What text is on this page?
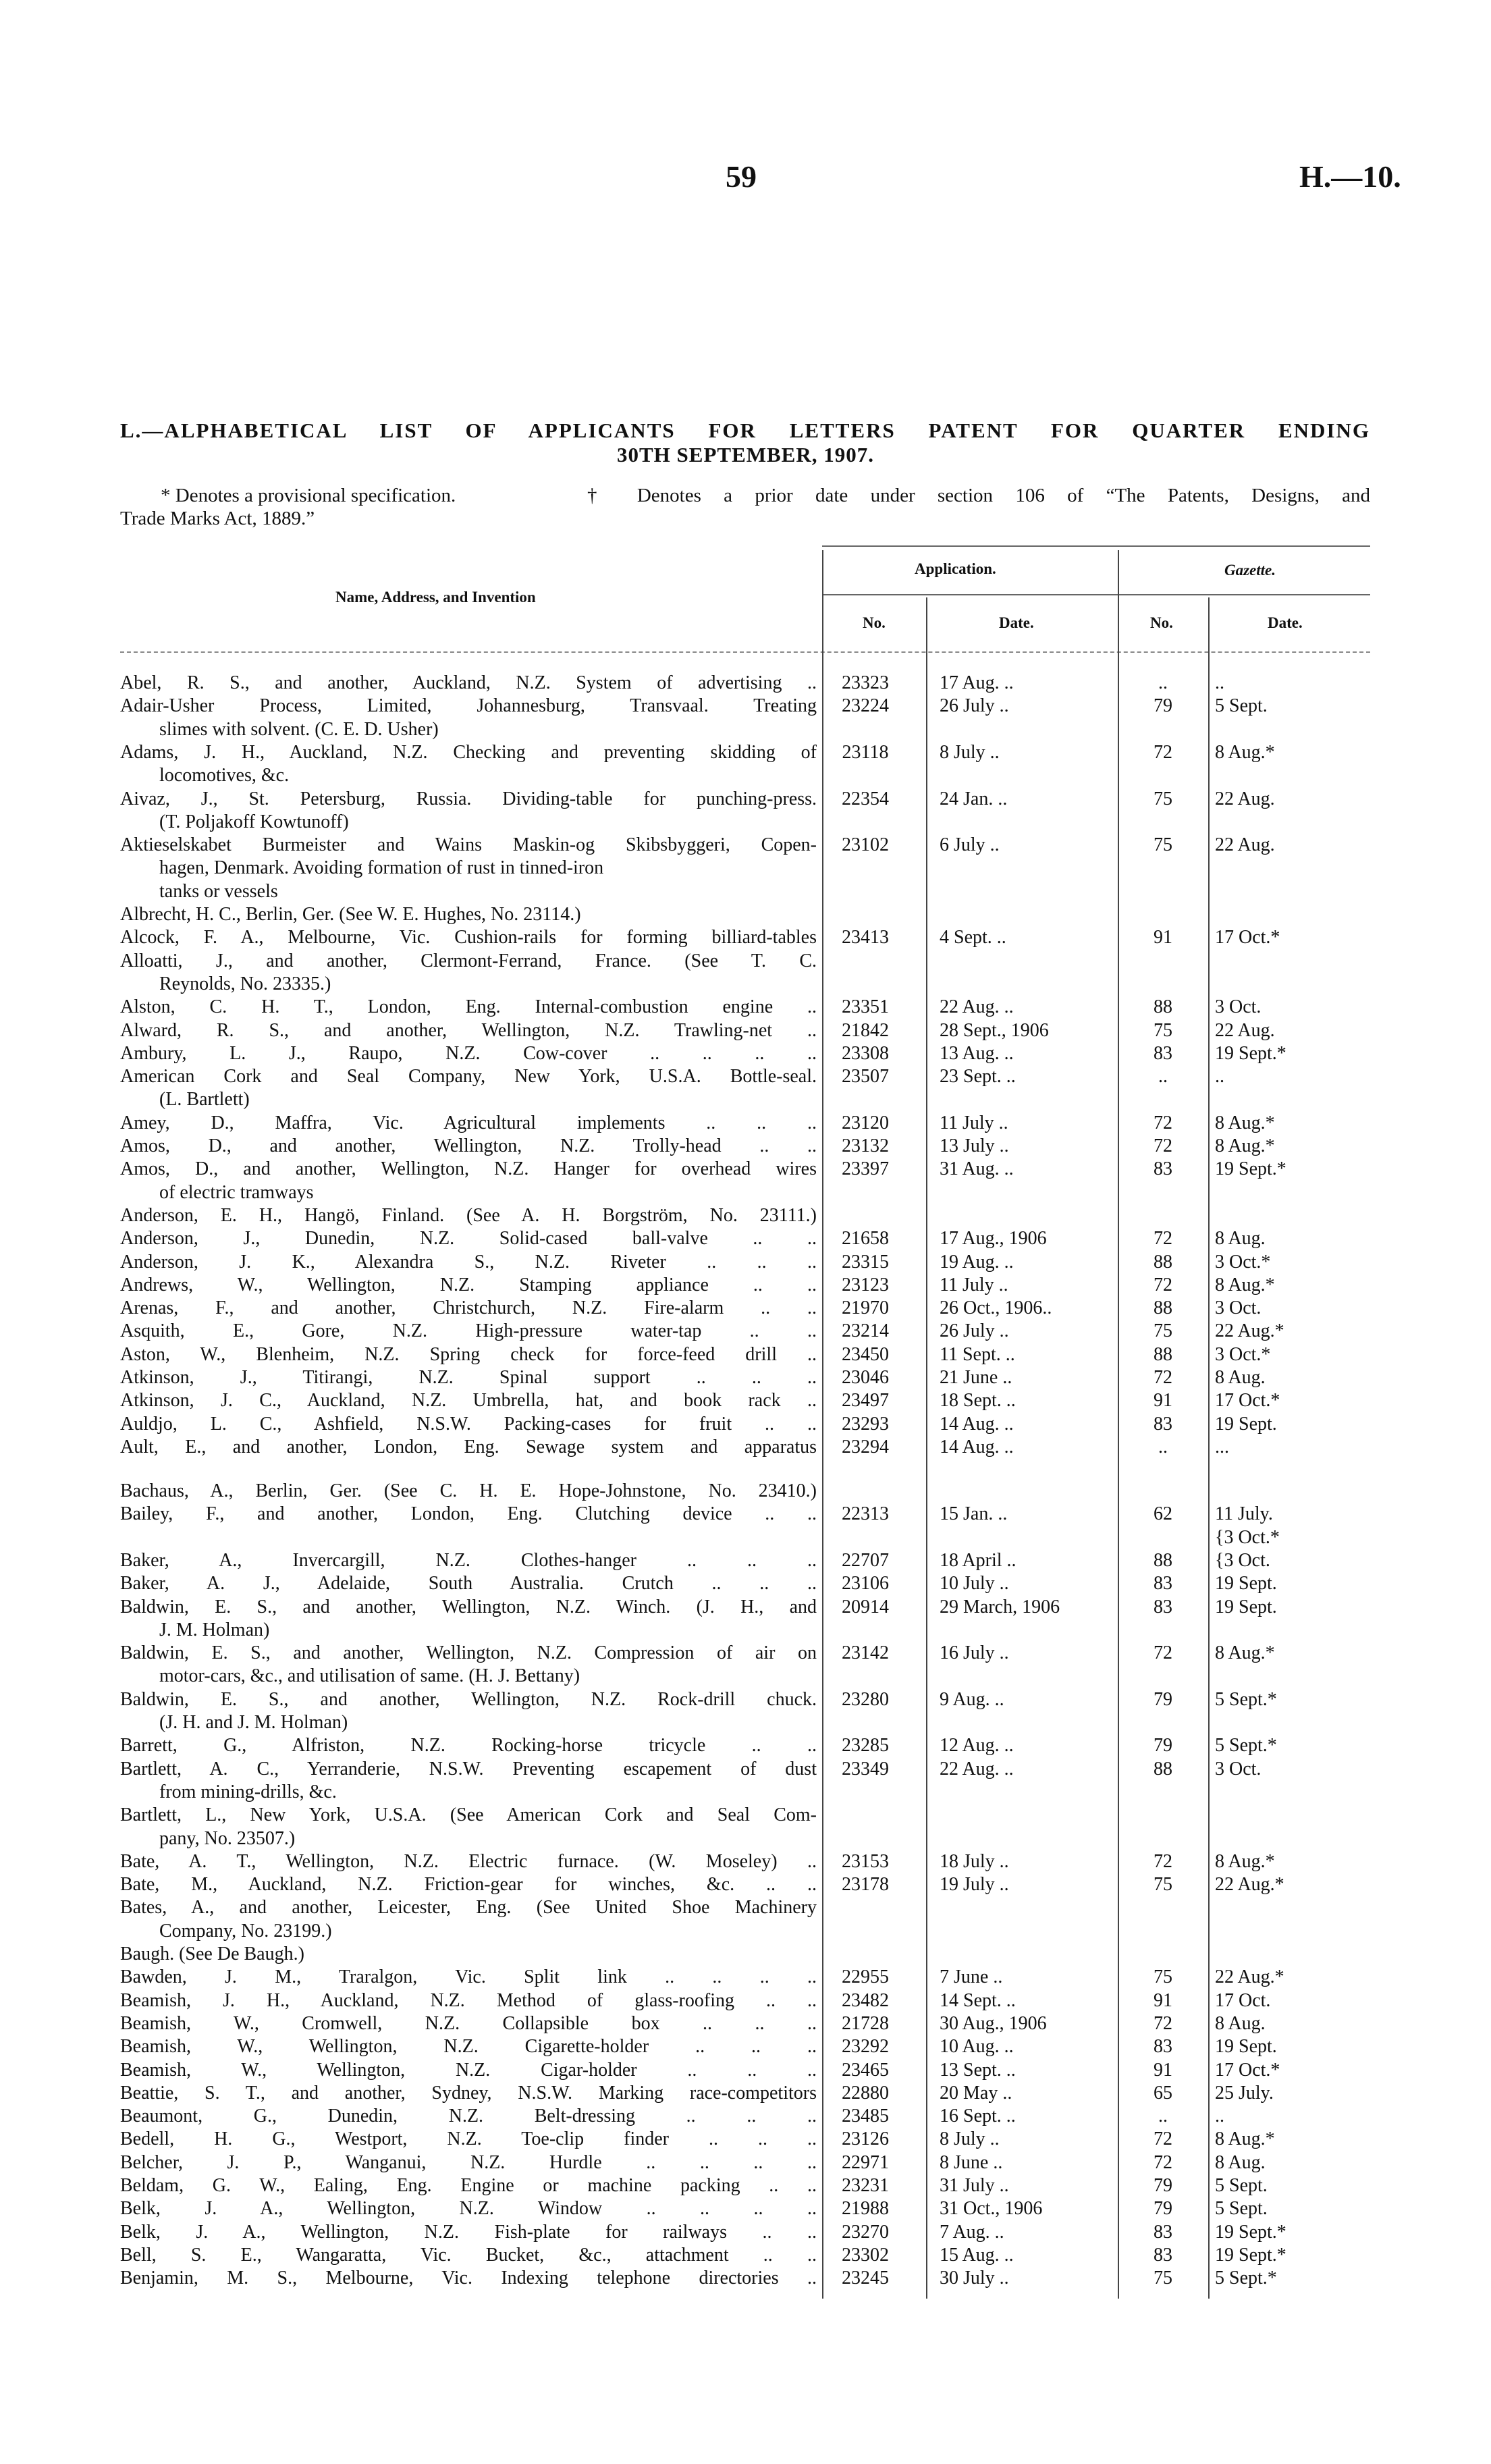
59	H.—10.
L.—ALPHABETICAL LIST OF APPLICANTS FOR LETTERS PATENT FOR QUARTER ENDING
30TH SEPTEMBER, 1907.
* Denotes a provisional specification.	† Denotes a prior date under section 106 of “The Patents, Designs, and
Trade Marks Act, 1889.”
Name, Address, and Invention
Application.	Gazette.
No.	Date.	No.	Date.
Abel, R. S., and another, Auckland, N.Z. System of advertising ..	23323	17 Aug. ..	..	..
Adair-Usher Process, Limited, Johannesburg, Transvaal. Treating	23224	26 July ..	79	5 Sept.
slimes with solvent. (C. E. D. Usher)
Adams, J. H., Auckland, N.Z. Checking and preventing skidding of	23118	8 July ..	72	8 Aug.*
locomotives, &c.
Aivaz, J., St. Petersburg, Russia. Dividing-table for punching-press.	22354	24 Jan. ..	75	22 Aug.
(T. Poljakoff Kowtunoff)
Aktieselskabet Burmeister and Wains Maskin-og Skibsbyggeri, Copen-	23102	6 July ..	75	22 Aug.
hagen, Denmark. Avoiding formation of rust in tinned-iron
tanks or vessels
Albrecht, H. C., Berlin, Ger. (See W. E. Hughes, No. 23114.)
Alcock, F. A., Melbourne, Vic. Cushion-rails for forming billiard-tables	23413	4 Sept. ..	91	17 Oct.*
Alloatti, J., and another, Clermont-Ferrand, France. (See T. C.
Reynolds, No. 23335.)
Alston, C. H. T., London, Eng. Internal-combustion engine ..	23351	22 Aug. ..	88	3 Oct.
Alward, R. S., and another, Wellington, N.Z. Trawling-net ..	21842	28 Sept., 1906	75	22 Aug.
Ambury, L. J., Raupo, N.Z. Cow-cover .. .. .. ..	23308	13 Aug. ..	83	19 Sept.*
American Cork and Seal Company, New York, U.S.A. Bottle-seal.	23507	23 Sept. ..	..	..
(L. Bartlett)
Amey, D., Maffra, Vic. Agricultural implements .. .. ..	23120	11 July ..	72	8 Aug.*
Amos, D., and another, Wellington, N.Z. Trolly-head .. ..	23132	13 July ..	72	8 Aug.*
Amos, D., and another, Wellington, N.Z. Hanger for overhead wires	23397	31 Aug. ..	83	19 Sept.*
of electric tramways
Anderson, E. H., Hangö, Finland. (See A. H. Borgström, No. 23111.)
Anderson, J., Dunedin, N.Z. Solid-cased ball-valve .. ..	21658	17 Aug., 1906	72	8 Aug.
Anderson, J. K., Alexandra S., N.Z. Riveter .. .. ..	23315	19 Aug. ..	88	3 Oct.*
Andrews, W., Wellington, N.Z. Stamping appliance .. ..	23123	11 July ..	72	8 Aug.*
Arenas, F., and another, Christchurch, N.Z. Fire-alarm .. ..	21970	26 Oct., 1906..	88	3 Oct.
Asquith, E., Gore, N.Z. High-pressure water-tap .. ..	23214	26 July ..	75	22 Aug.*
Aston, W., Blenheim, N.Z. Spring check for force-feed drill ..	23450	11 Sept. ..	88	3 Oct.*
Atkinson, J., Titirangi, N.Z. Spinal support .. .. ..	23046	21 June ..	72	8 Aug.
Atkinson, J. C., Auckland, N.Z. Umbrella, hat, and book rack ..	23497	18 Sept. ..	91	17 Oct.*
Auldjo, L. C., Ashfield, N.S.W. Packing-cases for fruit .. ..	23293	14 Aug. ..	83	19 Sept.
Ault, E., and another, London, Eng. Sewage system and apparatus	23294	14 Aug. ..	..	...
Bachaus, A., Berlin, Ger. (See C. H. E. Hope-Johnstone, No. 23410.)
Bailey, F., and another, London, Eng. Clutching device .. ..	22313	15 Jan. ..	62	11 July.
{3 Oct.*
Baker, A., Invercargill, N.Z. Clothes-hanger .. .. ..	22707	18 April ..	88	{3 Oct.
Baker, A. J., Adelaide, South Australia. Crutch .. .. ..	23106	10 July ..	83	19 Sept.
Baldwin, E. S., and another, Wellington, N.Z. Winch. (J. H., and	20914	29 March, 1906	83	19 Sept.
J. M. Holman)
Baldwin, E. S., and another, Wellington, N.Z. Compression of air on	23142	16 July ..	72	8 Aug.*
motor-cars, &c., and utilisation of same. (H. J. Bettany)
Baldwin, E. S., and another, Wellington, N.Z. Rock-drill chuck.	23280	9 Aug. ..	79	5 Sept.*
(J. H. and J. M. Holman)
Barrett, G., Alfriston, N.Z. Rocking-horse tricycle .. ..	23285	12 Aug. ..	79	5 Sept.*
Bartlett, A. C., Yerranderie, N.S.W. Preventing escapement of dust	23349	22 Aug. ..	88	3 Oct.
from mining-drills, &c.
Bartlett, L., New York, U.S.A. (See American Cork and Seal Com-
pany, No. 23507.)
Bate, A. T., Wellington, N.Z. Electric furnace. (W. Moseley) ..	23153	18 July ..	72	8 Aug.*
Bate, M., Auckland, N.Z. Friction-gear for winches, &c. .. ..	23178	19 July ..	75	22 Aug.*
Bates, A., and another, Leicester, Eng. (See United Shoe Machinery
Company, No. 23199.)
Baugh. (See De Baugh.)
Bawden, J. M., Traralgon, Vic. Split link .. .. .. ..	22955	7 June ..	75	22 Aug.*
Beamish, J. H., Auckland, N.Z. Method of glass-roofing .. ..	23482	14 Sept. ..	91	17 Oct.
Beamish, W., Cromwell, N.Z. Collapsible box .. .. ..	21728	30 Aug., 1906	72	8 Aug.
Beamish, W., Wellington, N.Z. Cigarette-holder .. .. ..	23292	10 Aug. ..	83	19 Sept.
Beamish, W., Wellington, N.Z. Cigar-holder .. .. ..	23465	13 Sept. ..	91	17 Oct.*
Beattie, S. T., and another, Sydney, N.S.W. Marking race-competitors	22880	20 May ..	65	25 July.
Beaumont, G., Dunedin, N.Z. Belt-dressing .. .. ..	23485	16 Sept. ..	..	..
Bedell, H. G., Westport, N.Z. Toe-clip finder .. .. ..	23126	8 July ..	72	8 Aug.*
Belcher, J. P., Wanganui, N.Z. Hurdle .. .. .. ..	22971	8 June ..	72	8 Aug.
Beldam, G. W., Ealing, Eng. Engine or machine packing .. ..	23231	31 July ..	79	5 Sept.
Belk, J. A., Wellington, N.Z. Window .. .. .. ..	21988	31 Oct., 1906	79	5 Sept.
Belk, J. A., Wellington, N.Z. Fish-plate for railways .. ..	23270	7 Aug. ..	83	19 Sept.*
Bell, S. E., Wangaratta, Vic. Bucket, &c., attachment .. ..	23302	15 Aug. ..	83	19 Sept.*
Benjamin, M. S., Melbourne, Vic. Indexing telephone directories ..	23245	30 July ..	75	5 Sept.*
